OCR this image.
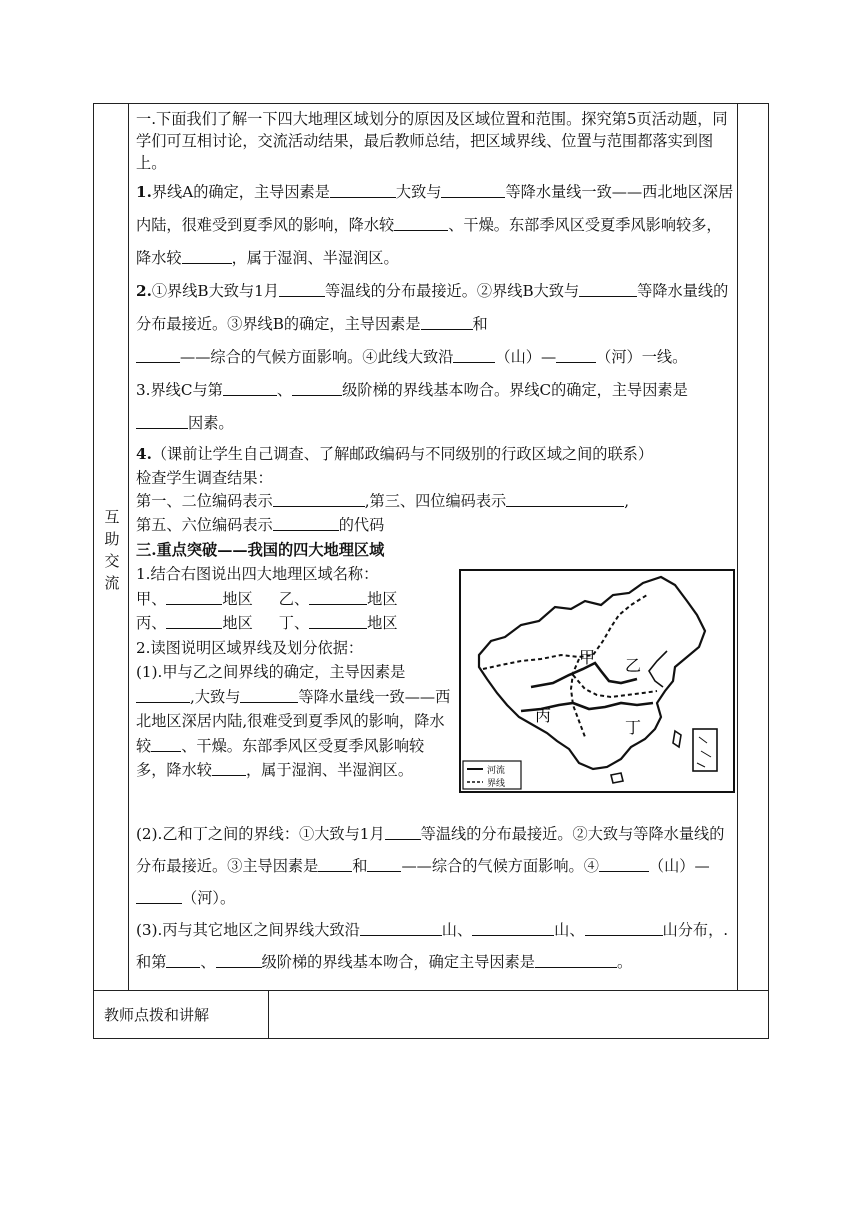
互
助
交
流

一.下面我们了解一下四大地理区域划分的原因及区域位置和范围。探究第5页活动题，同学们可互相讨论，交流活动结果，最后教师总结，把区域界线、位置与范围都落实到图上。

1.界线A的确定，主导因素是	大致与	等降水量线一致——西北地区深居内陆，很难受到夏季风的影响，降水较	、干燥。东部季风区受夏季风影响较多，降水较	，属于湿润、半湿润区。

2.①界线B大致与1月	等温线的分布最接近。②界线B大致与	等降水量线的分布最接近。③界线B的确定，主导因素是	和
——综合的气候方面影响。④此线大致沿	（山）—	（河）一线。

3.界线C与第	、	级阶梯的界线基本吻合。界线C的确定，主导因素是因素。

4.（课前让学生自己调查、了解邮政编码与不同级别的行政区域之间的联系）
检查学生调查结果：
第一、二位编码表示	,第三、四位编码表示	,
第五、六位编码表示	的代码

三.重点突破——我国的四大地理区域

1.结合右图说出四大地理区域名称：

甲、	地区 乙、	地区

丙、	地区 丁、	地区

2.读图说明区域界线及划分依据：

(1).甲与乙之间界线的确定，主导因素是,大致与	等降水量线一致——西北地区深居内陆,很难受到夏季风的影响，降水较 、干燥。东部季风区受夏季风影响较多，降水较 ，属于湿润、半湿润区。

甲 乙
丙
丁
河流
界线

(2).乙和丁之间的界线：①大致与1月 等温线的分布最接近。②大致与等降水量线的分布最接近。③主导因素是 和 ——综合的气候方面影响。④	（山）—（河）。

(3).丙与其它地区之间界线大致沿	山、	山、	山分布，.和第 、	级阶梯的界线基本吻合，确定主导因素是	。

教师点拨和讲解
